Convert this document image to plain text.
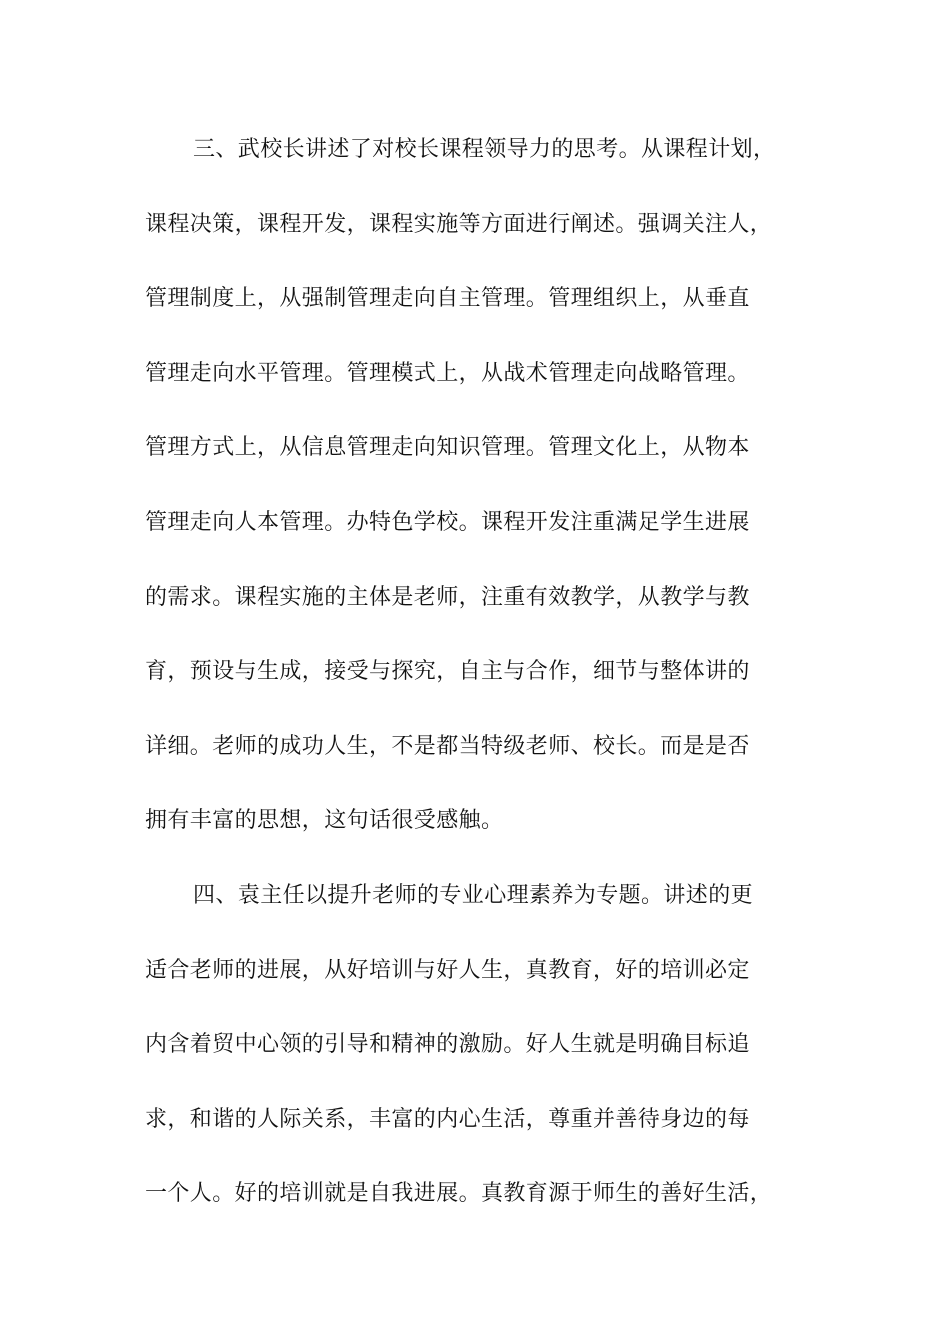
三、武校长讲述了对校长课程领导力的思考。从课程计划，
课程决策，课程开发，课程实施等方面进行阐述。强调关注人，
管理制度上，从强制管理走向自主管理。管理组织上，从垂直
管理走向水平管理。管理模式上，从战术管理走向战略管理。
管理方式上，从信息管理走向知识管理。管理文化上，从物本
管理走向人本管理。办特色学校。课程开发注重满足学生进展
的需求。课程实施的主体是老师，注重有效教学，从教学与教
育，预设与生成，接受与探究，自主与合作，细节与整体讲的
详细。老师的成功人生，不是都当特级老师、校长。而是是否
拥有丰富的思想，这句话很受感触。
四、袁主任以提升老师的专业心理素养为专题。讲述的更
适合老师的进展，从好培训与好人生，真教育，好的培训必定
内含着贸中心领的引导和精神的激励。好人生就是明确目标追
求，和谐的人际关系，丰富的内心生活，尊重并善待身边的每
一个人。好的培训就是自我进展。真教育源于师生的善好生活，
